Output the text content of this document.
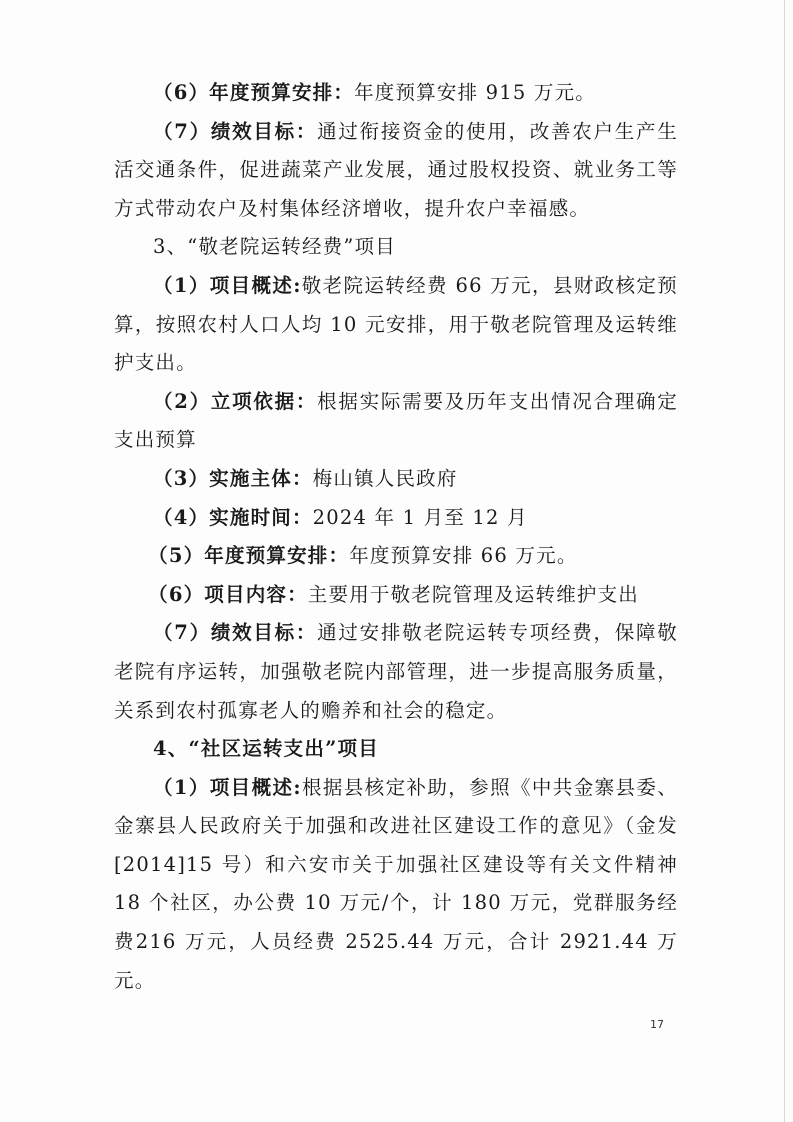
（6）年度预算安排：年度预算安排 915 万元。

（7）绩效目标：通过衔接资金的使用，改善农户生产生活交通条件，促进蔬菜产业发展，通过股权投资、就业务工等方式带动农户及村集体经济增收，提升农户幸福感。

3、“敬老院运转经费”项目

（1）项目概述:敬老院运转经费 66 万元，县财政核定预算，按照农村人口人均 10 元安排，用于敬老院管理及运转维护支出。

（2）立项依据：根据实际需要及历年支出情况合理确定支出预算

（3）实施主体：梅山镇人民政府

（4）实施时间：2024 年 1 月至 12 月

（5）年度预算安排：年度预算安排 66 万元。

（6）项目内容：主要用于敬老院管理及运转维护支出

（7）绩效目标：通过安排敬老院运转专项经费，保障敬老院有序运转，加强敬老院内部管理，进一步提高服务质量，关系到农村孤寡老人的赡养和社会的稳定。

4、“社区运转支出”项目

（1）项目概述:根据县核定补助，参照《中共金寨县委、金寨县人民政府关于加强和改进社区建设工作的意见》（金发[2014]15 号）和六安市关于加强社区建设等有关文件精神18 个社区，办公费 10 万元/个，计 180 万元，党群服务经费216 万元，人员经费 2525.44 万元，合计 2921.44 万元。

17
